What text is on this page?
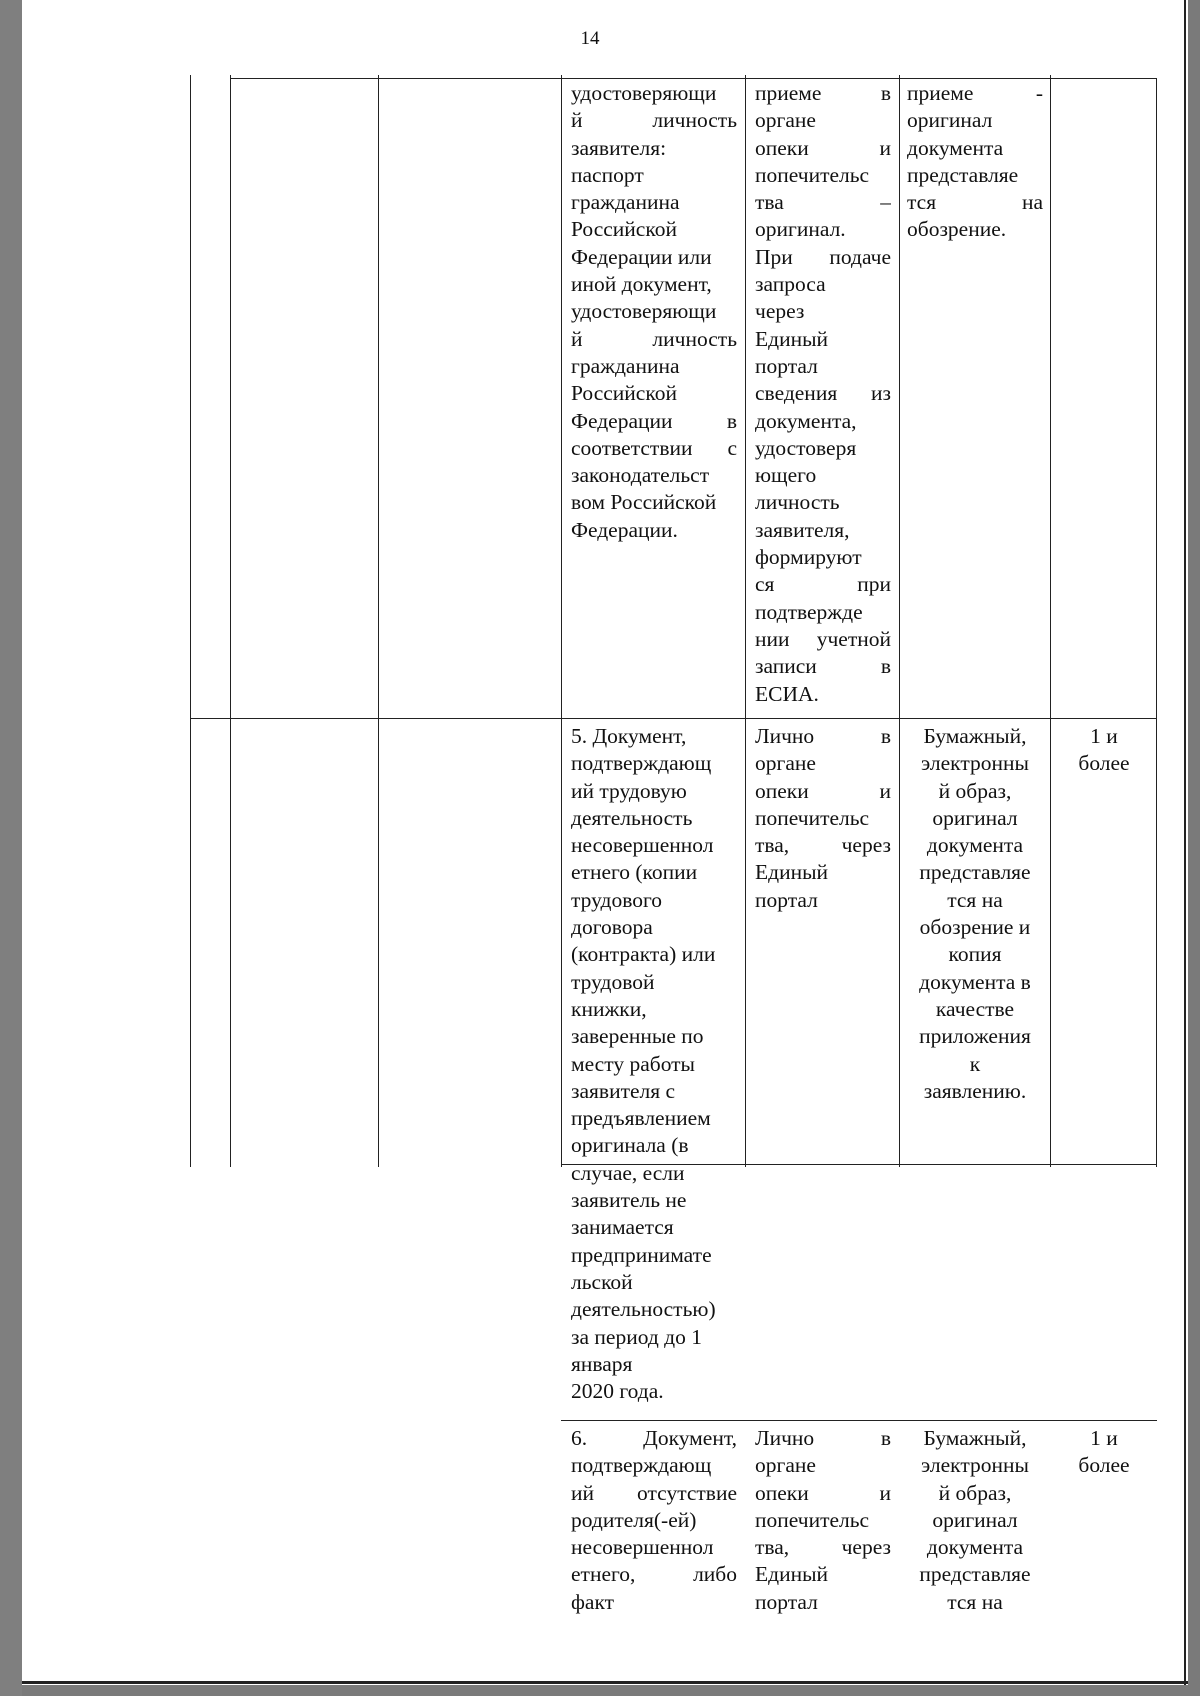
14
удостоверяющи
й личность
заявителя:
паспорт
гражданина
Российской
Федерации или
иной документ,
удостоверяющи
й личность
гражданина
Российской
Федерации в
соответствии с
законодательст
вом Российской
Федерации.
приеме в
органе
опеки и
попечительс
тва –
оригинал.
При подаче
запроса
через
Единый
портал
сведения из
документа,
удостоверя
ющего
личность
заявителя,
формируют
ся при
подтвержде
нии учетной
записи в
ЕСИА.
приеме -
оригинал
документа
представляе
тся на
обозрение.
5. Документ,
подтверждающ
ий трудовую
деятельность
несовершеннол
етнего (копии
трудового
договора
(контракта) или
трудовой
книжки,
заверенные по
месту работы
заявителя с
предъявлением
оригинала (в
случае, если
заявитель не
занимается
предпринимате
льской
деятельностью)
за период до 1
января
2020 года.
Лично в
органе
опеки и
попечительс
тва, через
Единый
портал
Бумажный,
электронны
й образ,
оригинал
документа
представляе
тся на
обозрение и
копия
документа в
качестве
приложения
к
заявлению.
1 и
более
6. Документ,
подтверждающ
ий отсутствие
родителя(-ей)
несовершеннол
етнего, либо
факт
Лично в
органе
опеки и
попечительс
тва, через
Единый
портал
Бумажный,
электронны
й образ,
оригинал
документа
представляе
тся на
1 и
более
